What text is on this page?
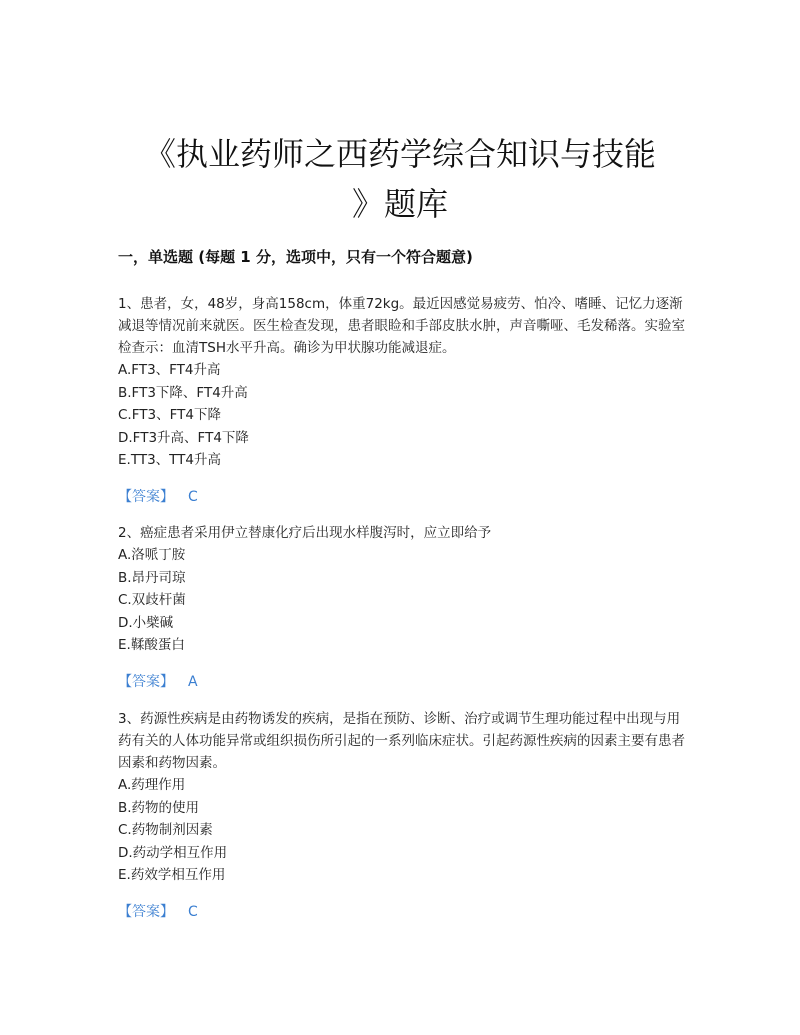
《执业药师之西药学综合知识与技能
》题库
一，单选题 (每题 1 分，选项中，只有一个符合题意)

1、患者，女，48岁，身高158cm，体重72kg。最近因感觉易疲劳、怕冷、嗜睡、记忆力逐渐减退等情况前来就医。医生检查发现，患者眼睑和手部皮肤水肿，声音嘶哑、毛发稀落。实验室检查示：血清TSH水平升高。确诊为甲状腺功能减退症。

A.FT3、FT4升高
B.FT3下降、FT4升高
C.FT3、FT4下降
D.FT3升高、FT4下降
E.TT3、TT4升高
【答案】 C

2、癌症患者采用伊立替康化疗后出现水样腹泻时，应立即给予

A.洛哌丁胺
B.昂丹司琼
C.双歧杆菌
D.小檗碱
E.鞣酸蛋白
【答案】 A

3、药源性疾病是由药物诱发的疾病，是指在预防、诊断、治疗或调节生理功能过程中出现与用药有关的人体功能异常或组织损伤所引起的一系列临床症状。引起药源性疾病的因素主要有患者因素和药物因素。

A.药理作用
B.药物的使用
C.药物制剂因素
D.药动学相互作用
E.药效学相互作用
【答案】 C
